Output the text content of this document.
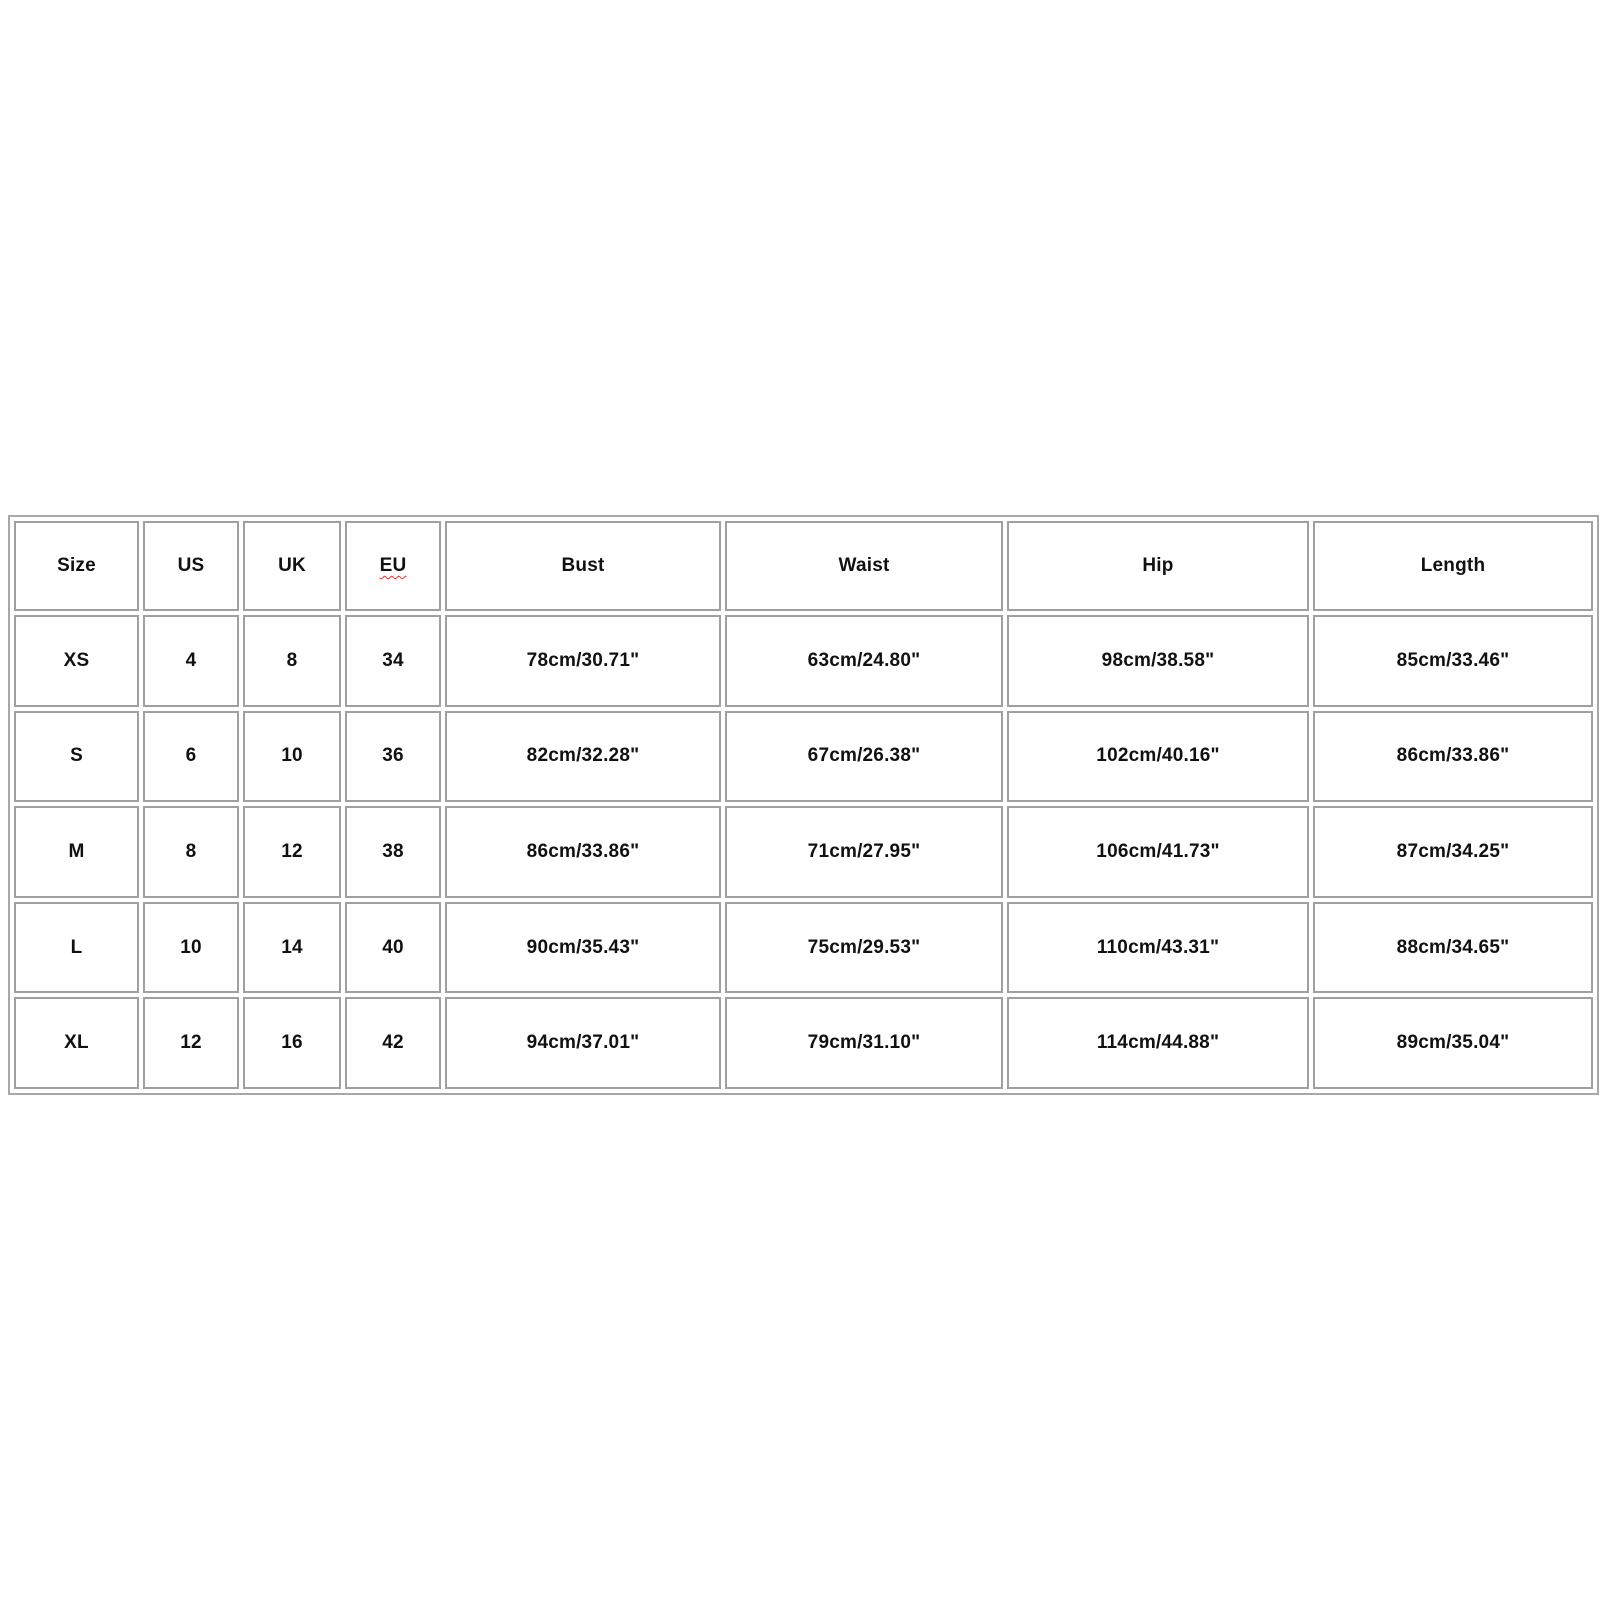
Size	US	UK	EU	Bust	Waist	Hip	Length
XS	4	8	34	78cm/30.71"	63cm/24.80"	98cm/38.58"	85cm/33.46"
S	6	10	36	82cm/32.28"	67cm/26.38"	102cm/40.16"	86cm/33.86"
M	8	12	38	86cm/33.86"	71cm/27.95"	106cm/41.73"	87cm/34.25"
L	10	14	40	90cm/35.43"	75cm/29.53"	110cm/43.31"	88cm/34.65"
XL	12	16	42	94cm/37.01"	79cm/31.10"	114cm/44.88"	89cm/35.04"
